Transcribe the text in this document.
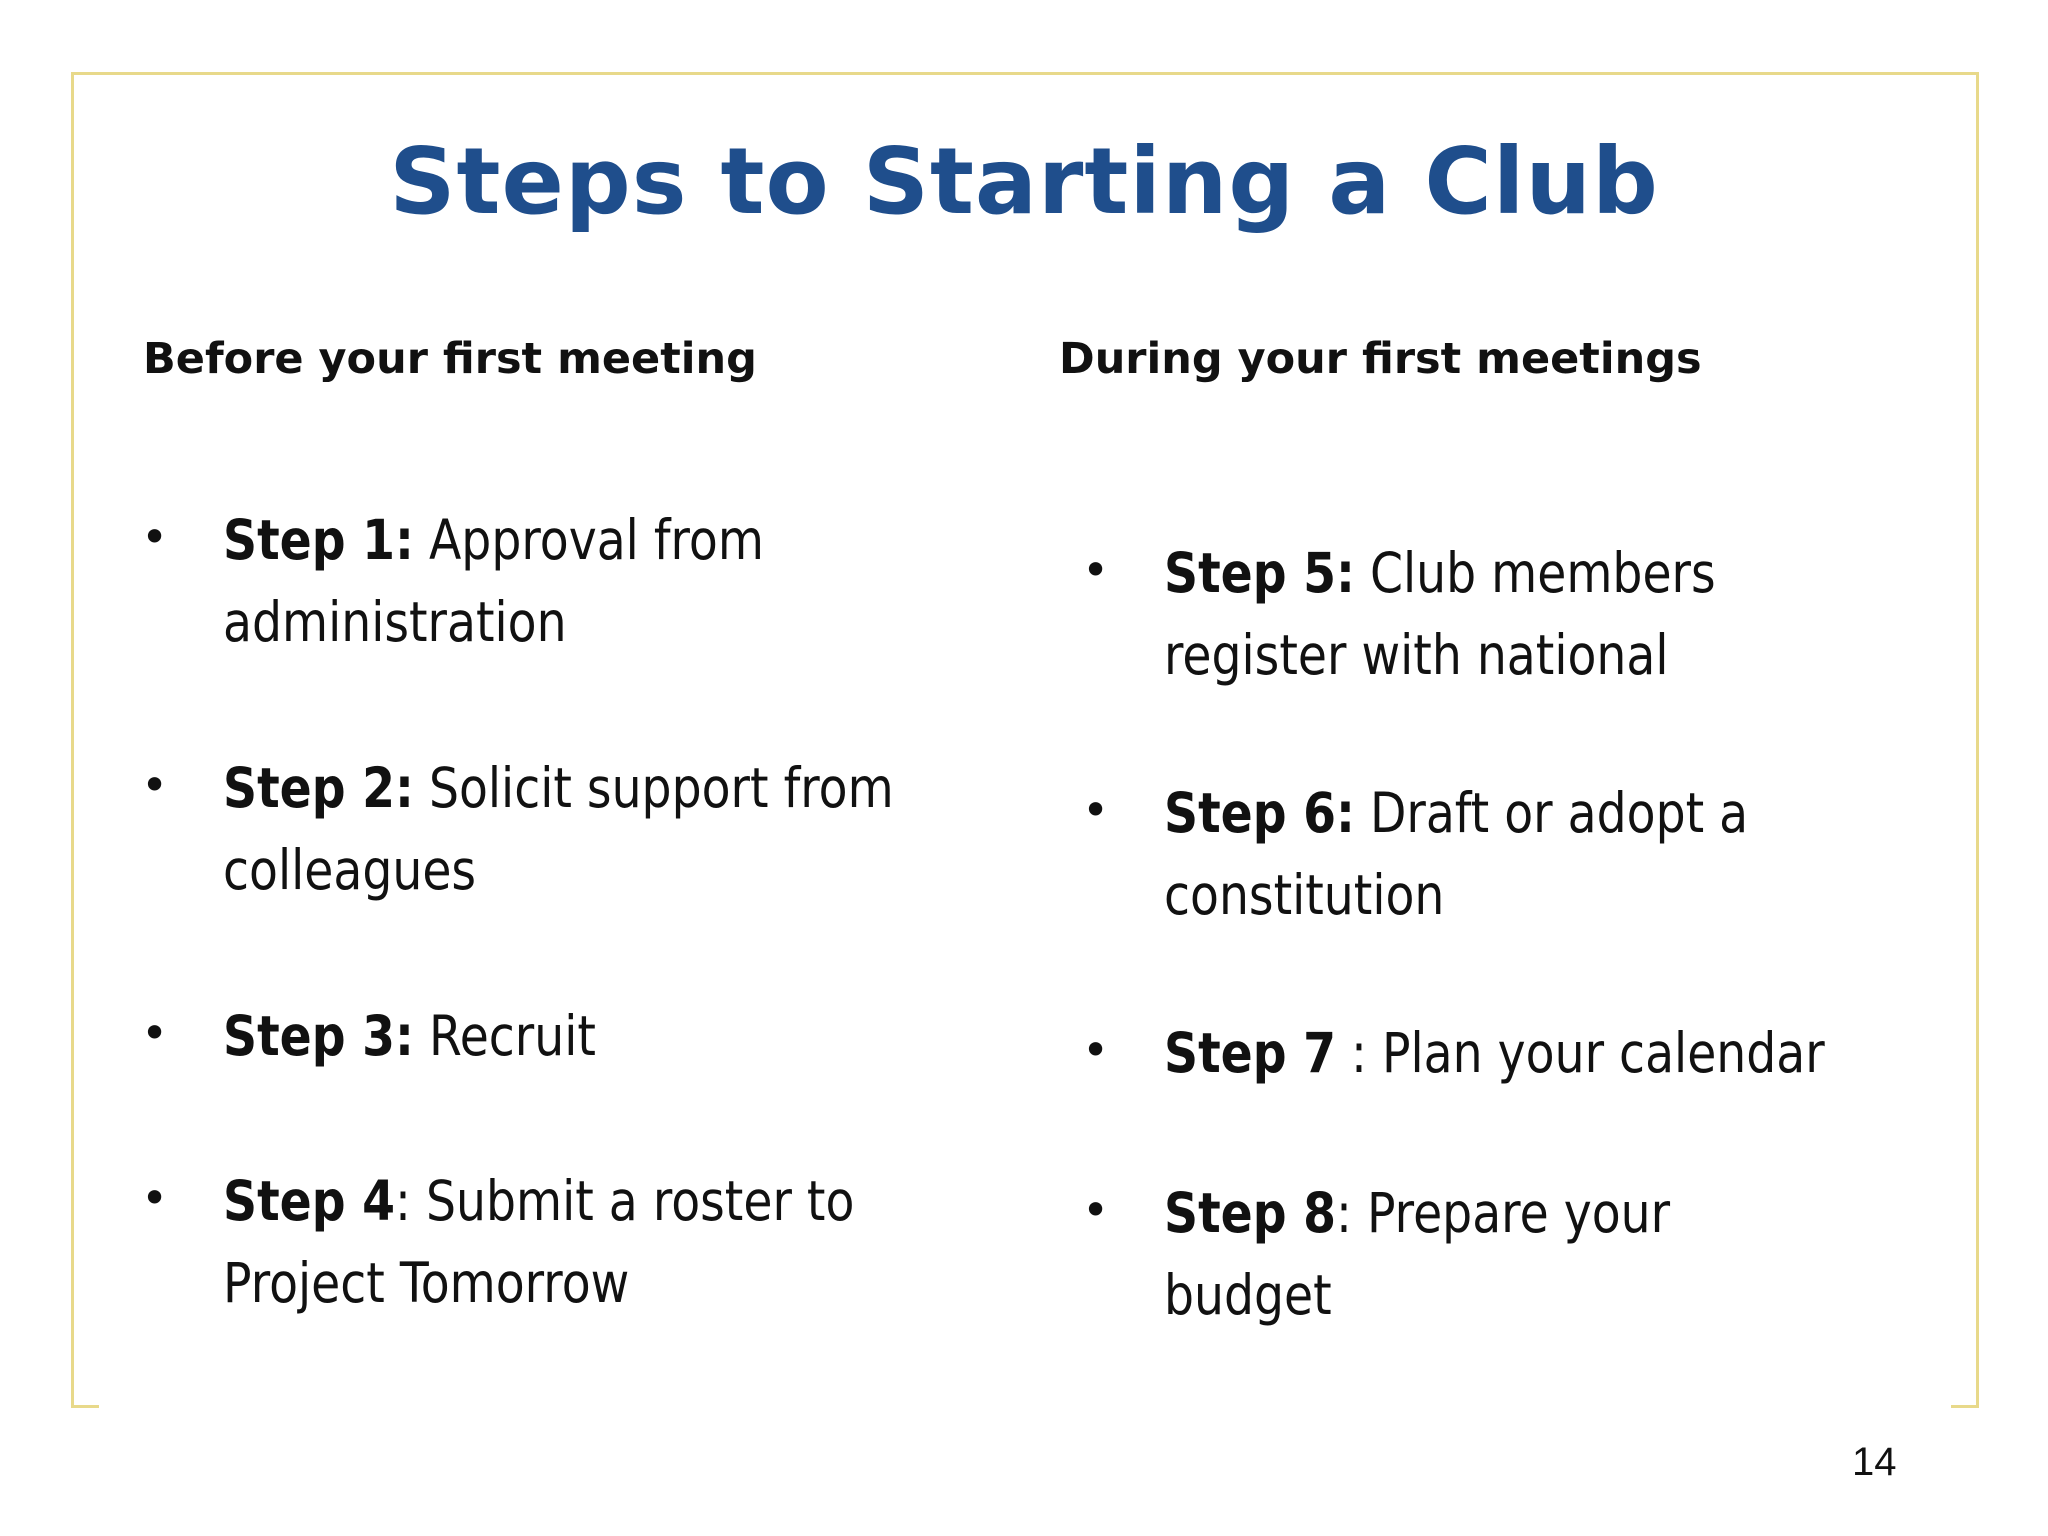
Steps to Starting a Club
Before your first meeting	During your first meetings
• Step 1: Approval from administration
• Step 2: Solicit support from colleagues
• Step 3: Recruit
• Step 4: Submit a roster to Project Tomorrow
• Step 5: Club members register with national
• Step 6: Draft or adopt a constitution
• Step 7 : Plan your calendar
• Step 8: Prepare your budget
14
